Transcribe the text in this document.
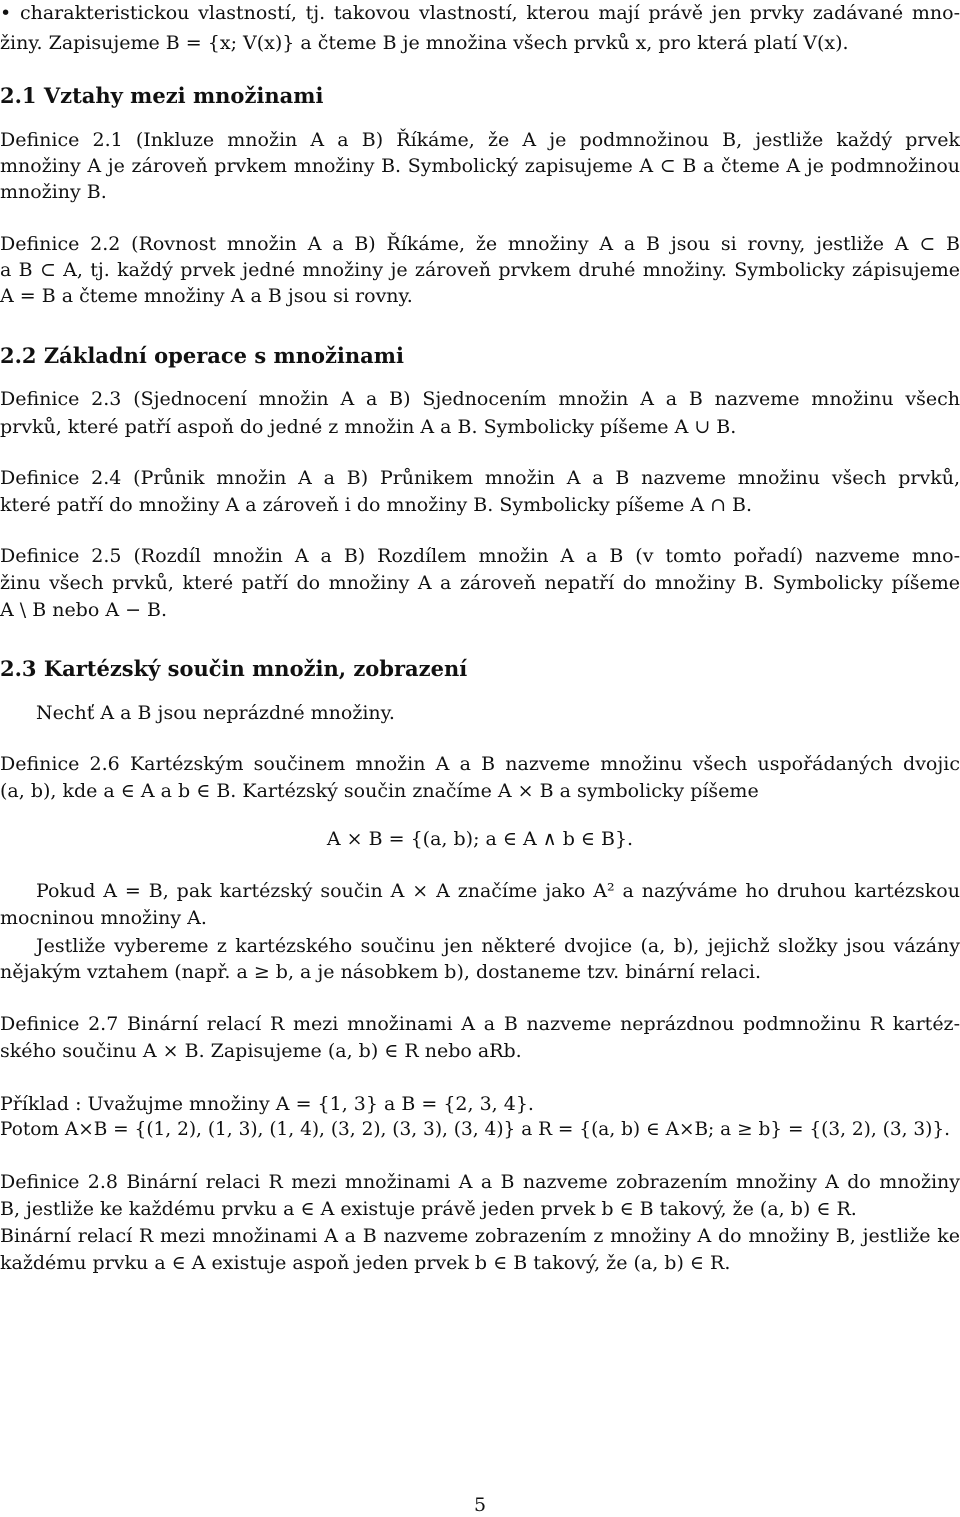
• charakteristickou vlastností, tj. takovou vlastností, kterou mají právě jen prvky zadávané mno-
žiny. Zapisujeme B = {x; V(x)} a čteme B je množina všech prvků x, pro která platí V(x).
2.1 Vztahy mezi množinami
Definice 2.1 (Inkluze množin A a B) Říkáme, že A je podmnožinou B, jestliže každý prvek
množiny A je zároveň prvkem množiny B. Symbolický zapisujeme A ⊂ B a čteme A je podmnožinou
množiny B.
Definice 2.2 (Rovnost množin A a B) Říkáme, že množiny A a B jsou si rovny, jestliže A ⊂ B
a B ⊂ A, tj. každý prvek jedné množiny je zároveň prvkem druhé množiny. Symbolicky zápisujeme
A = B a čteme množiny A a B jsou si rovny.
2.2 Základní operace s množinami
Definice 2.3 (Sjednocení množin A a B) Sjednocením množin A a B nazveme množinu všech
prvků, které patří aspoň do jedné z množin A a B. Symbolicky píšeme A ∪ B.
Definice 2.4 (Průnik množin A a B) Průnikem množin A a B nazveme množinu všech prvků,
které patří do množiny A a zároveň i do množiny B. Symbolicky píšeme A ∩ B.
Definice 2.5 (Rozdíl množin A a B) Rozdílem množin A a B (v tomto pořadí) nazveme mno-
žinu všech prvků, které patří do množiny A a zároveň nepatří do množiny B. Symbolicky píšeme
A \ B nebo A − B.
2.3 Kartézský součin množin, zobrazení
Nechť A a B jsou neprázdné množiny.
Definice 2.6 Kartézským součinem množin A a B nazveme množinu všech uspořádaných dvojic
(a, b), kde a ∈ A a b ∈ B. Kartézský součin značíme A × B a symbolicky píšeme
A × B = {(a, b); a ∈ A ∧ b ∈ B}.
Pokud A = B, pak kartézský součin A × A značíme jako A² a nazýváme ho druhou kartézskou
mocninou množiny A.
Jestliže vybereme z kartézského součinu jen některé dvojice (a, b), jejichž složky jsou vázány
nějakým vztahem (např. a ≥ b, a je násobkem b), dostaneme tzv. binární relaci.
Definice 2.7 Binární relací R mezi množinami A a B nazveme neprázdnou podmnožinu R kartéz-
ského součinu A × B. Zapisujeme (a, b) ∈ R nebo aRb.
Příklad : Uvažujme množiny A = {1, 3} a B = {2, 3, 4}.
Potom A×B = {(1, 2), (1, 3), (1, 4), (3, 2), (3, 3), (3, 4)} a R = {(a, b) ∈ A×B; a ≥ b} = {(3, 2), (3, 3)}.
Definice 2.8 Binární relaci R mezi množinami A a B nazveme zobrazením množiny A do množiny
B, jestliže ke každému prvku a ∈ A existuje právě jeden prvek b ∈ B takový, že (a, b) ∈ R.
Binární relací R mezi množinami A a B nazveme zobrazením z množiny A do množiny B, jestliže ke
každému prvku a ∈ A existuje aspoň jeden prvek b ∈ B takový, že (a, b) ∈ R.
5
